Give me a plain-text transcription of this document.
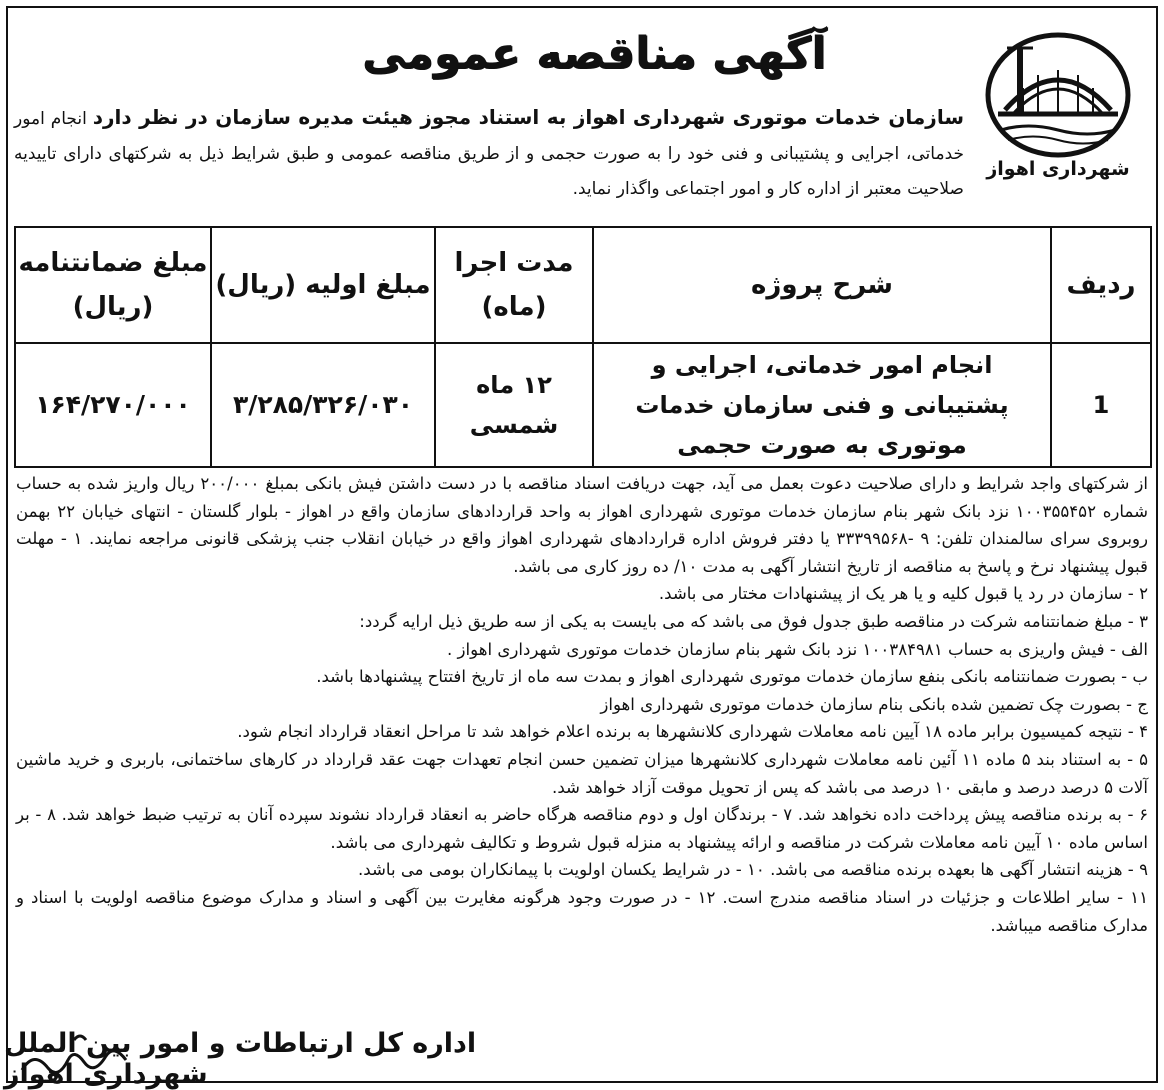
شهرداری اهواز
آگهی مناقصه عمومی
سازمان خدمات موتوری شهرداری اهواز به استناد مجوز هیئت مدیره سازمان در نظر دارد انجام امور خدماتی، اجرایی و پشتیبانی و فنی خود را به صورت حجمی و از طریق مناقصه عمومی و طبق شرایط ذیل به شرکتهای دارای تاییدیه صلاحیت معتبر از اداره کار و امور اجتماعی واگذار نماید.
ردیف	شرح پروژه	مدت اجرا (ماه)	مبلغ اولیه (ریال)	مبلغ ضمانتنامه (ریال)
1	انجام امور خدماتی، اجرایی و پشتیبانی و فنی سازمان خدمات موتوری به صورت حجمی	۱۲ ماه شمسی	۳/۲۸۵/۳۲۶/۰۳۰	۱۶۴/۲۷۰/۰۰۰

از شرکتهای واجد شرایط و دارای صلاحیت دعوت بعمل می آید، جهت دریافت اسناد مناقصه با در دست داشتن فیش بانکی بمبلغ ۲۰۰/۰۰۰ ریال واریز شده به حساب شماره ۱۰۰۳۵۵۴۵۲ نزد بانک شهر بنام سازمان خدمات موتوری شهرداری اهواز به واحد قراردادهای سازمان واقع در اهواز - بلوار گلستان - انتهای خیابان ۲۲ بهمن روبروی سرای سالمندان تلفن: ۹ -۳۳۳۹۹۵۶۸ یا دفتر فروش اداره قراردادهای شهرداری اهواز واقع در خیابان انقلاب جنب پزشکی قانونی مراجعه نمایند. ۱ - مهلت قبول پیشنهاد نرخ و پاسخ به مناقصه از تاریخ انتشار آگهی به مدت ۱۰/ ده روز کاری می باشد.

۲ - سازمان در رد یا قبول کلیه و یا هر یک از پیشنهادات مختار می باشد.

۳ - مبلغ ضمانتنامه شرکت در مناقصه طبق جدول فوق می باشد که می بایست به یکی از سه طریق ذیل ارایه گردد:

الف - فیش واریزی به حساب ۱۰۰۳۸۴۹۸۱ نزد بانک شهر بنام سازمان خدمات موتوری شهرداری اهواز .

ب - بصورت ضمانتنامه بانکی بنفع سازمان خدمات موتوری شهرداری اهواز و بمدت سه ماه از تاریخ افتتاح پیشنهادها باشد.

ج - بصورت چک تضمین شده بانکی بنام سازمان خدمات موتوری شهرداری اهواز

۴ - نتیجه کمیسیون برابر ماده ۱۸ آیین نامه معاملات شهرداری کلانشهرها به برنده اعلام خواهد شد تا مراحل انعقاد قرارداد انجام شود.

۵ - به استناد بند ۵ ماده ۱۱ آئین نامه معاملات شهرداری کلانشهرها میزان تضمین حسن انجام تعهدات جهت عقد قرارداد در کارهای ساختمانی، باربری و خرید ماشین آلات ۵ درصد درصد و مابقی ۱۰ درصد می باشد که پس از تحویل موقت آزاد خواهد شد.

۶ - به برنده مناقصه پیش پرداخت داده نخواهد شد. ۷ - برندگان اول و دوم مناقصه هرگاه حاضر به انعقاد قرارداد نشوند سپرده آنان به ترتیب ضبط خواهد شد. ۸ - بر اساس ماده ۱۰ آیین نامه معاملات شرکت در مناقصه و ارائه پیشنهاد به منزله قبول شروط و تکالیف شهرداری می باشد.

۹ - هزینه انتشار آگهی ها بعهده برنده مناقصه می باشد. ۱۰ - در شرایط یکسان اولویت با پیمانکاران بومی می باشد.

۱۱ - سایر اطلاعات و جزئیات در اسناد مناقصه مندرج است. ۱۲ - در صورت وجود هرگونه مغایرت بین آگهی و اسناد و مدارک موضوع مناقصه اولویت با اسناد و مدارک مناقصه میباشد.

اداره کل ارتباطات و امور بین الملل شهرداری اهواز
